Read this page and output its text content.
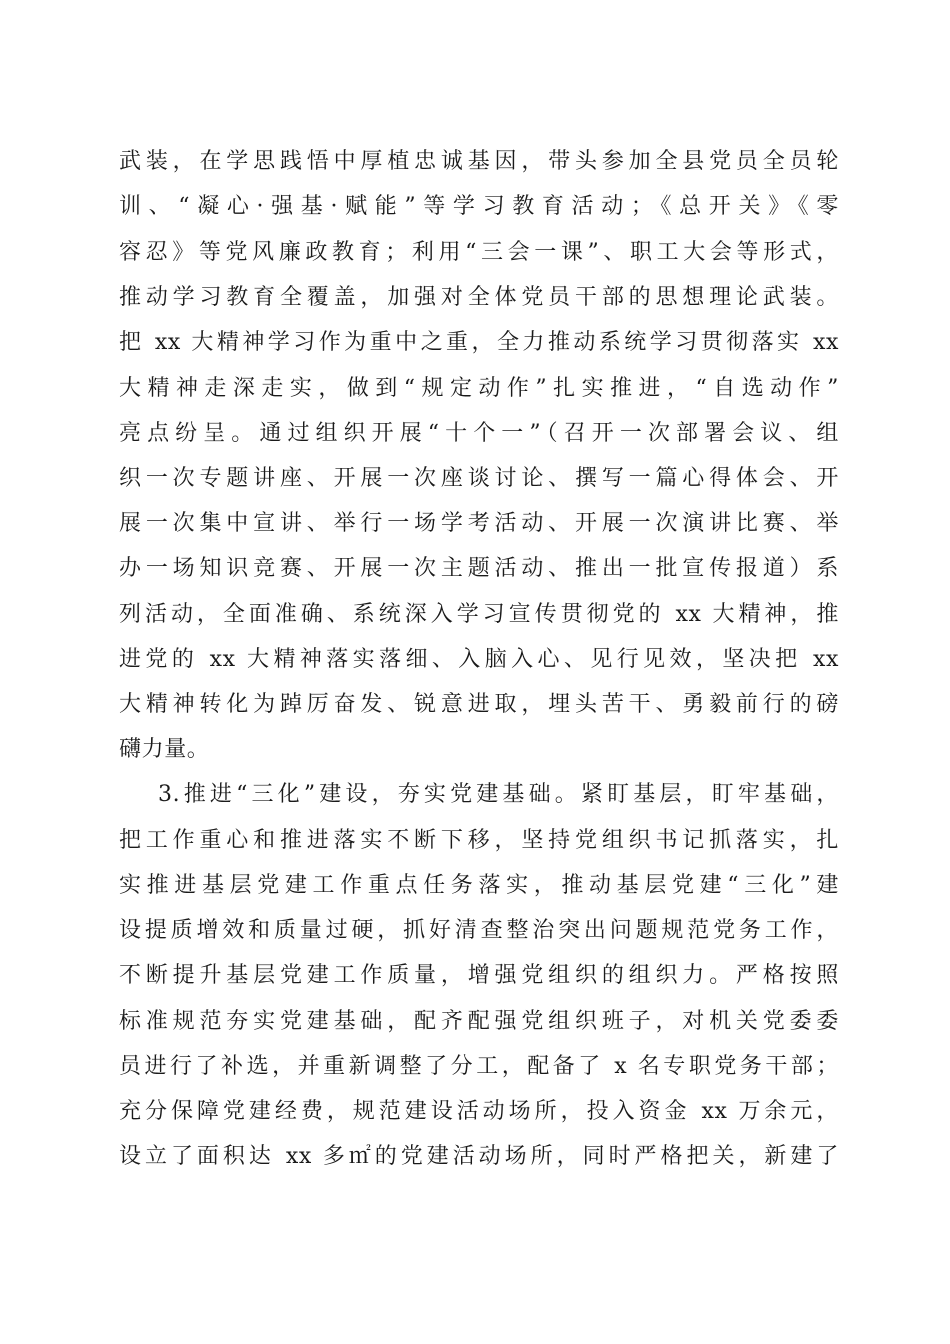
武装，在学思践悟中厚植忠诚基因，带头参加全县党员全员轮
训、“凝心·强基·赋能”等学习教育活动；《总开关》《零
容忍》等党风廉政教育；利用“三会一课”、职工大会等形式，
推动学习教育全覆盖，加强对全体党员干部的思想理论武装。
把 xx 大精神学习作为重中之重，全力推动系统学习贯彻落实 xx
大精神走深走实，做到“规定动作”扎实推进，“自选动作”
亮点纷呈。通过组织开展“十个一”（召开一次部署会议、组
织一次专题讲座、开展一次座谈讨论、撰写一篇心得体会、开
展一次集中宣讲、举行一场学考活动、开展一次演讲比赛、举
办一场知识竞赛、开展一次主题活动、推出一批宣传报道）系
列活动，全面准确、系统深入学习宣传贯彻党的 xx 大精神，推
进党的 xx 大精神落实落细、入脑入心、见行见效，坚决把 xx
大精神转化为踔厉奋发、锐意进取，埋头苦干、勇毅前行的磅
礴力量。
3.推进“三化”建设，夯实党建基础。紧盯基层，盯牢基础，
把工作重心和推进落实不断下移，坚持党组织书记抓落实，扎
实推进基层党建工作重点任务落实，推动基层党建“三化”建
设提质增效和质量过硬，抓好清查整治突出问题规范党务工作，
不断提升基层党建工作质量，增强党组织的组织力。严格按照
标准规范夯实党建基础，配齐配强党组织班子，对机关党委委
员进行了补选，并重新调整了分工，配备了 x 名专职党务干部；
充分保障党建经费，规范建设活动场所，投入资金 xx 万余元，
设立了面积达 xx 多㎡的党建活动场所，同时严格把关，新建了
